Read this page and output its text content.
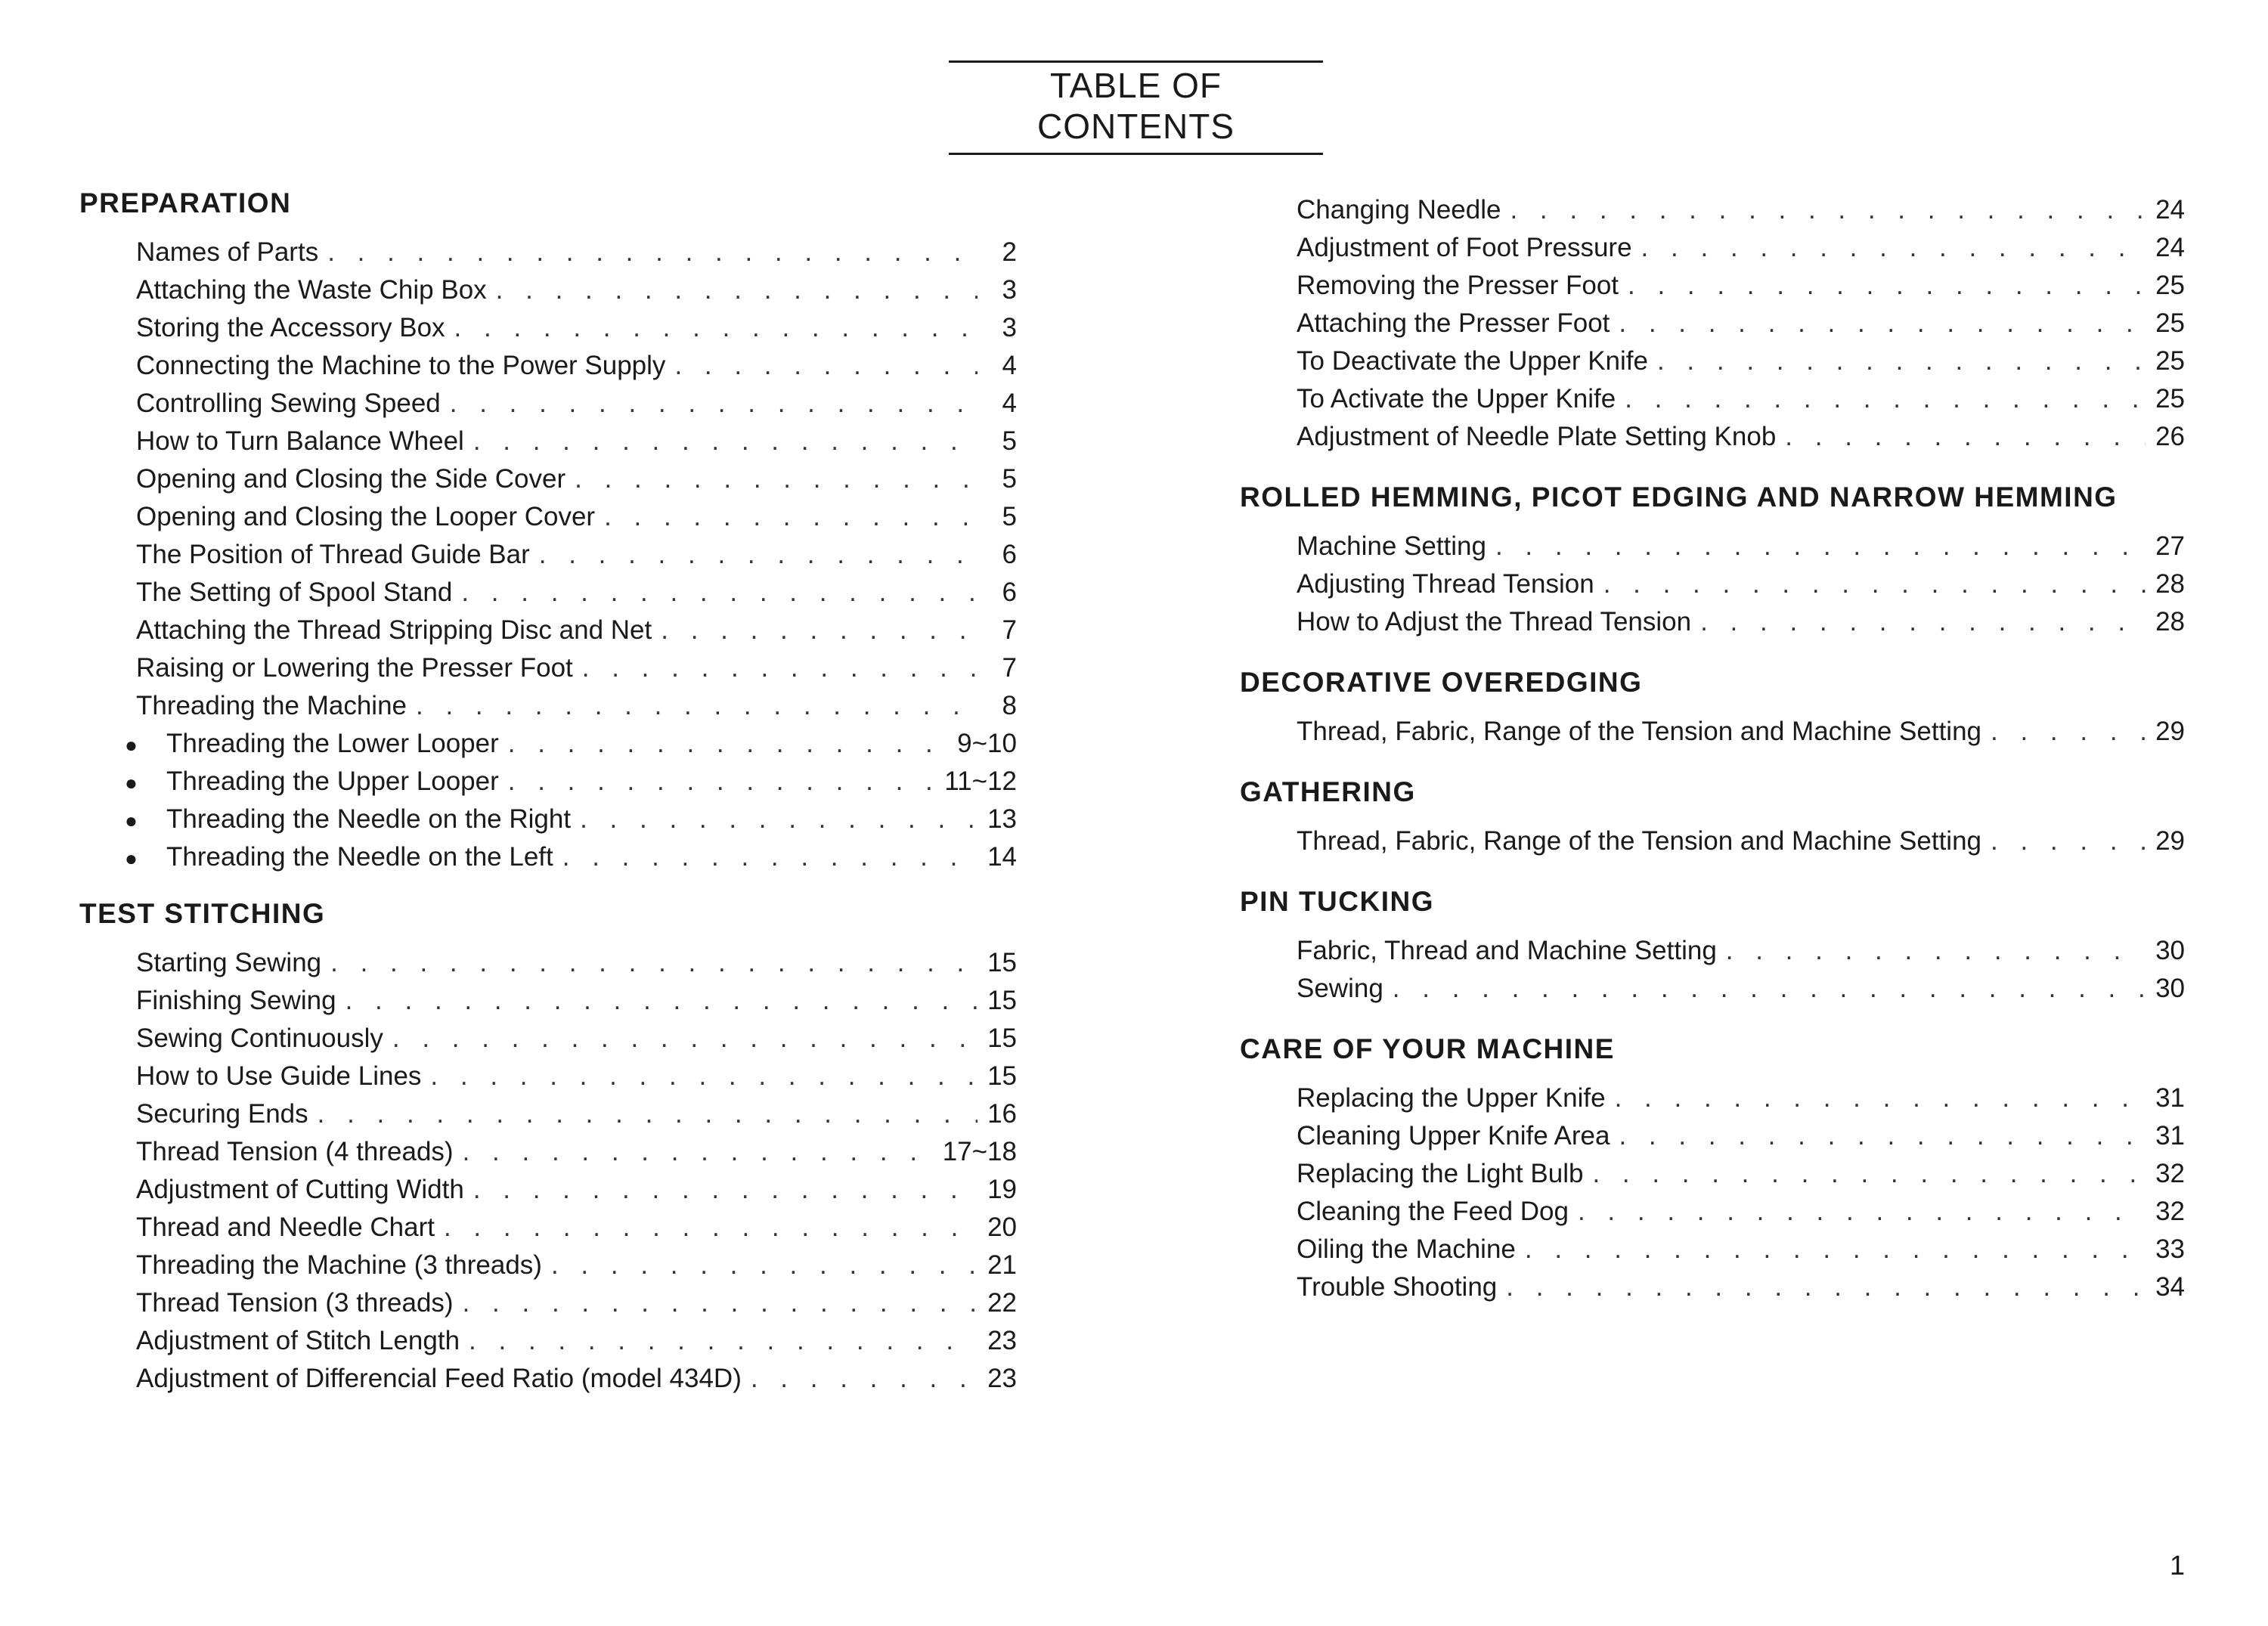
TABLE OF CONTENTS
PREPARATION
Names of Parts . . .	2
Attaching the Waste Chip Box . . .	3
Storing the Accessory Box . . .	3
Connecting the Machine to the Power Supply . . .	4
Controlling Sewing Speed . . .	4
How to Turn Balance Wheel . . .	5
Opening and Closing the Side Cover . . .	5
Opening and Closing the Looper Cover . . .	5
The Position of Thread Guide Bar . . .	6
The Setting of Spool Stand . . .	6
Attaching the Thread Stripping Disc and Net . . .	7
Raising or Lowering the Presser Foot . . .	7
Threading the Machine . . .	8
●	Threading the Lower Looper . . .	9~10
●	Threading the Upper Looper . . .	11~12
●	Threading the Needle on the Right . . .	13
●	Threading the Needle on the Left . . .	14
TEST STITCHING
Starting Sewing . . .	15
Finishing Sewing . . .	15
Sewing Continuously . . .	15
How to Use Guide Lines . . .	15
Securing Ends . . .	16
Thread Tension (4 threads) . . .	17~18
Adjustment of Cutting Width . . .	19
Thread and Needle Chart . . .	20
Threading the Machine (3 threads) . . .	21
Thread Tension (3 threads) . . .	22
Adjustment of Stitch Length . . .	23
Adjustment of Differencial Feed Ratio (model 434D) . . .	23
Changing Needle . . .	24
Adjustment of Foot Pressure . . .	24
Removing the Presser Foot . . .	25
Attaching the Presser Foot . . .	25
To Deactivate the Upper Knife . . .	25
To Activate the Upper Knife . . .	25
Adjustment of Needle Plate Setting Knob . . .	26
ROLLED HEMMING, PICOT EDGING AND NARROW HEMMING
Machine Setting . . .	27
Adjusting Thread Tension . . .	28
How to Adjust the Thread Tension . . .	28
DECORATIVE OVEREDGING
Thread, Fabric, Range of the Tension and Machine Setting . . .	29
GATHERING
Thread, Fabric, Range of the Tension and Machine Setting . . .	29
PIN TUCKING
Fabric, Thread and Machine Setting . . .	30
Sewing . . .	30
CARE OF YOUR MACHINE
Replacing the Upper Knife . . .	31
Cleaning Upper Knife Area . . .	31
Replacing the Light Bulb . . .	32
Cleaning the Feed Dog . . .	32
Oiling the Machine . . .	33
Trouble Shooting . . .	34
1
